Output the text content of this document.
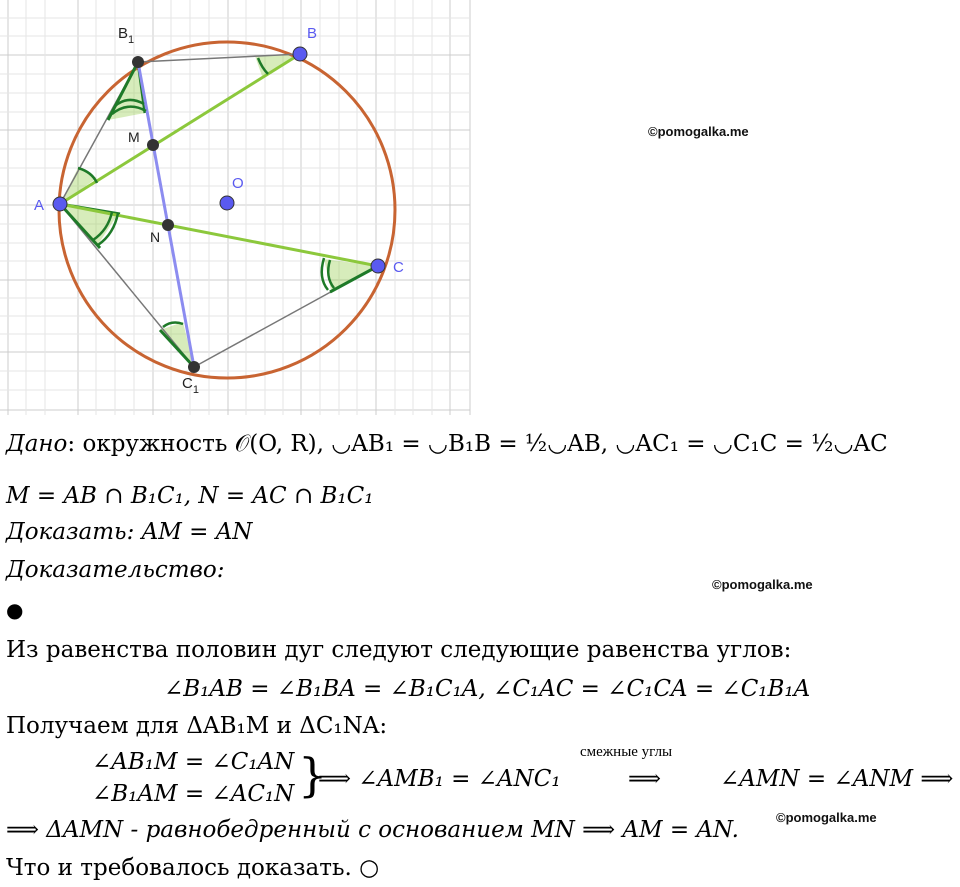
$B_1$	B
A
C
$C_1$
M
N
O
©pomogalka.me
©pomogalka.me
©pomogalka.me
Дано: окружность 𝒪(O, R), ◡AB₁ = ◡B₁B = ½◡AB, ◡AC₁ = ◡C₁C = ½◡AC
M = AB ∩ B₁C₁, N = AC ∩ B₁C₁
Доказать: AM = AN
Доказательство:
●
Из равенства половин дуг следуют следующие равенства углов:
∠B₁AB = ∠B₁BA = ∠B₁C₁A, ∠C₁AC = ∠C₁CA = ∠C₁B₁A
Получаем для ΔAB₁M и ΔC₁NA:
∠AB₁M = ∠C₁AN
∠B₁AM = ∠AC₁N }
⟹ ∠AMB₁ = ∠ANC₁
смежные углы
⟹	∠AMN = ∠ANM ⟹
⟹ ΔAMN - равнобедренный с основанием MN ⟹ AM = AN.
Что и требовалось доказать. ○
